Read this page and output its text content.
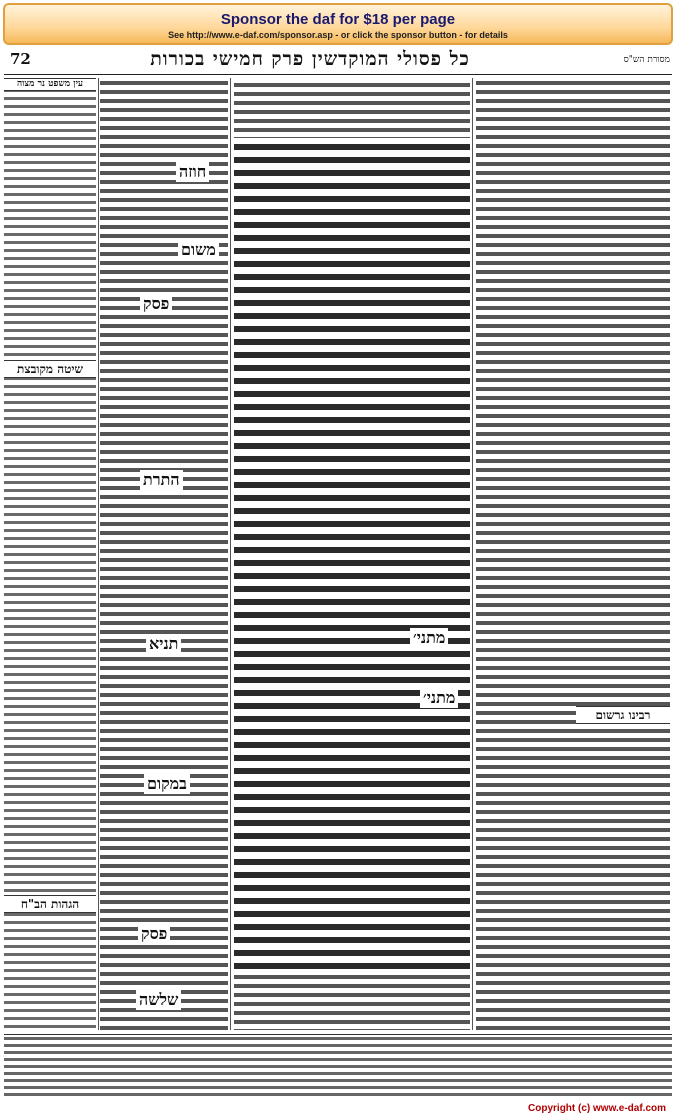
Sponsor the daf for $18 per page
See http://www.e-daf.com/sponsor.asp - or click the sponsor button - for details
72	כל פסולי המוקדשין פרק חמישי בכורות	מסורת הש"ס
עין משפט נר מצוה
שיטה מקובצת
הגהות הב"ח
חוזה
משום
פסק
התרת
תניא
במקום
פסק
שלשה
מתני׳
מתני׳
רבינו גרשום
Copyright (c) www.e-daf.com
